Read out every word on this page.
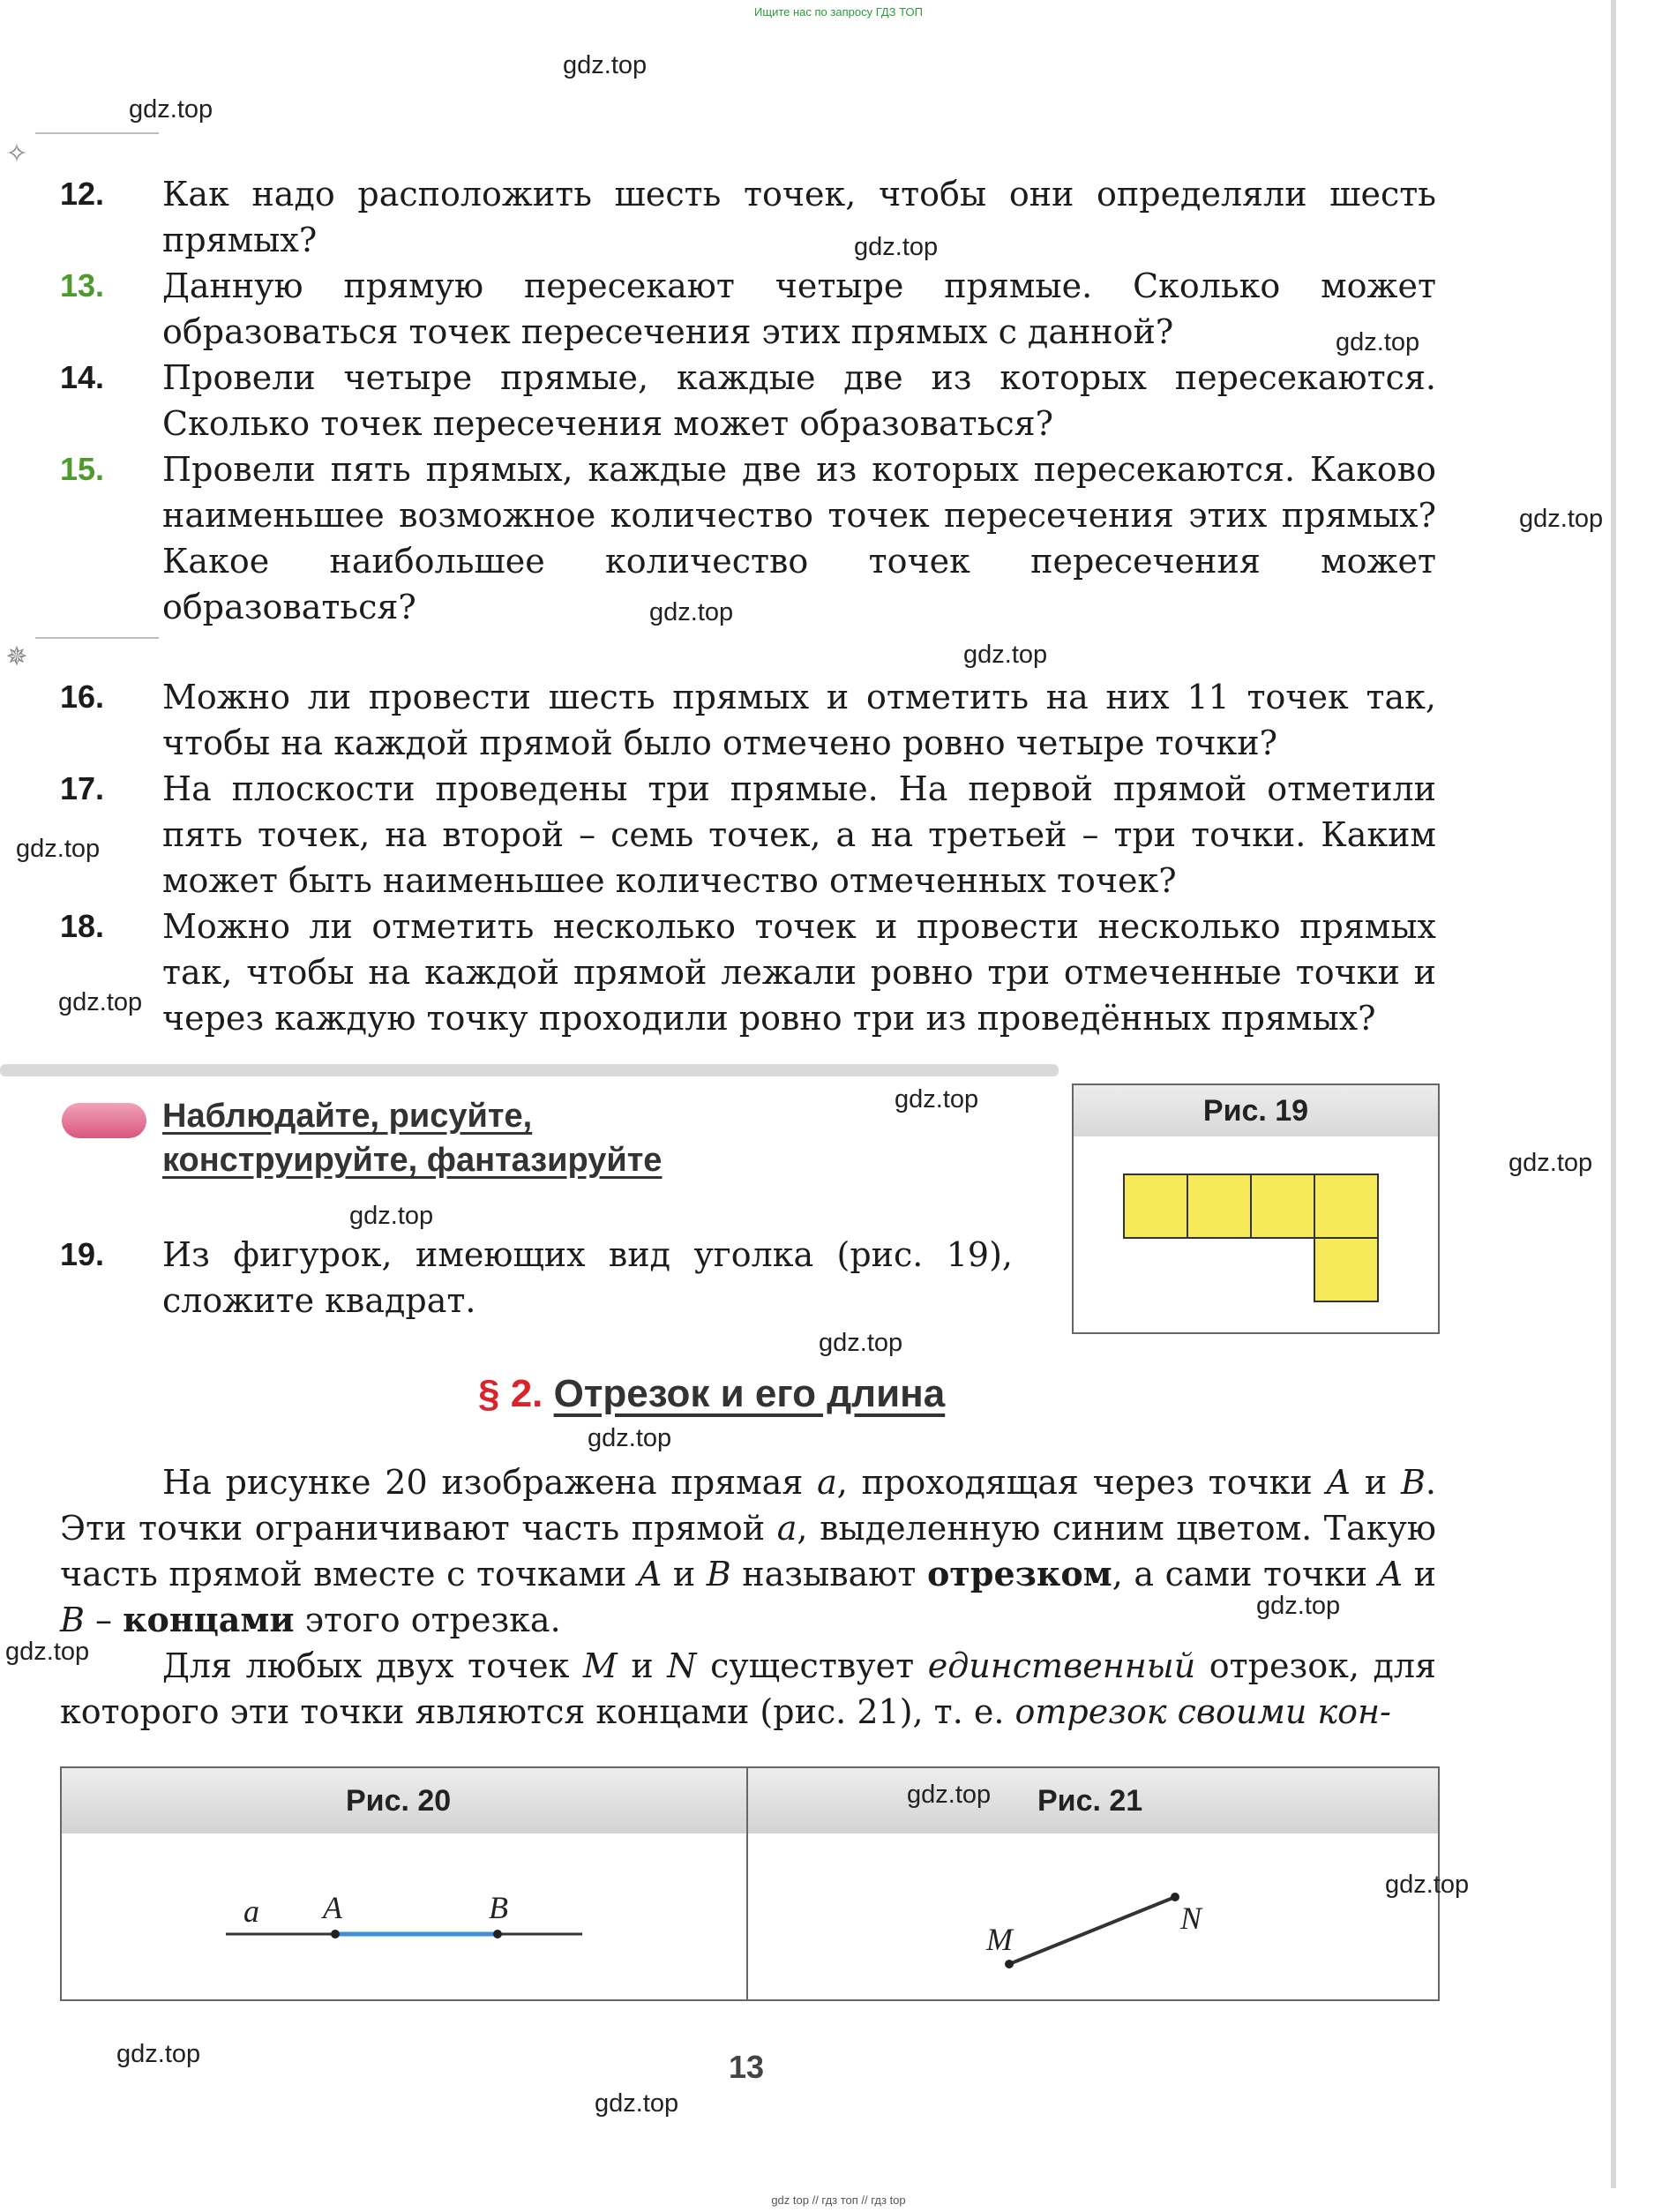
Ищите нас по запросу ГДЗ ТОП
gdz top // гдз топ // гдз top
✧
✵
12. Как надо расположить шесть точек, чтобы они определяли шесть прямых?
13. Данную прямую пересекают четыре прямые. Сколько может образоваться точек пересечения этих прямых с данной?
14. Провели четыре прямые, каждые две из которых пересекаются. Сколько точек пересечения может образоваться?
15. Провели пять прямых, каждые две из которых пересекаются. Каково наименьшее возможное количество точек пересечения этих прямых? Какое наибольшее количество точек пересечения может образоваться?
16. Можно ли провести шесть прямых и отметить на них 11 точек так, чтобы на каждой прямой было отмечено ровно четыре точки?
17. На плоскости проведены три прямые. На первой прямой отметили пять точек, на второй – семь точек, а на третьей – три точки. Каким может быть наименьшее количество отмеченных точек?
18. Можно ли отметить несколько точек и провести несколько прямых так, чтобы на каждой прямой лежали ровно три отмеченные точки и через каждую точку проходили ровно три из проведённых прямых?
Наблюдайте, рисуйте,
конструируйте, фантазируйте
19. Из фигурок, имеющих вид уголка (рис. 19), сложите квадрат.
Рис. 19
§ 2. Отрезок и его длина
На рисунке 20 изображена прямая a, проходящая через точки A и B. Эти точки ограничивают часть прямой a, выделенную синим цветом. Такую часть прямой вместе с точками A и B называют отрезком, а сами точки A и B – концами этого отрезка.
Для любых двух точек M и N существует единственный отрезок, для которого эти точки являются концами (рис. 21), т. е. отрезок своими кон-
Рис. 20	Рис. 21
a A	B
M
N
13
gdz.top
gdz.top
gdz.top
gdz.top
gdz.top
gdz.top
gdz.top
gdz.top
gdz.top
gdz.top
gdz.top
gdz.top
gdz.top
gdz.top
gdz.top
gdz.top
gdz.top
gdz.top
gdz.top
gdz.top
